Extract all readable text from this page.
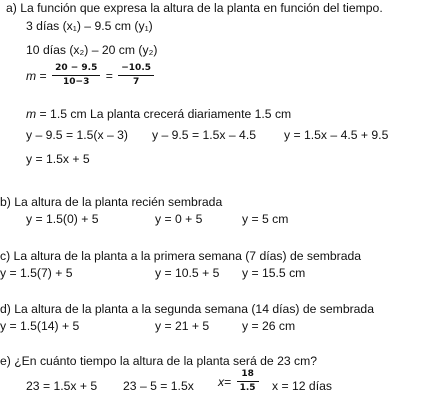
a) La función que expresa la altura de la planta en función del tiempo.
3 días (x₁) – 9.5 cm (y₁)
10 días (x₂) – 20 cm (y₂)
$m = \frac{20 - 9.5}{10-3} = \frac{-10.5}{7}$
m = 1.5 cm La planta crecerá diariamente 1.5 cm
y – 9.5 = 1.5(x – 3) y – 9.5 = 1.5x – 4.5 y = 1.5x – 4.5 + 9.5
y = 1.5x + 5
b) La altura de la planta recién sembrada
y = 1.5(0) + 5	y = 0 + 5	y = 5 cm
c) La altura de la planta a la primera semana (7 días) de sembrada
y = 1.5(7) + 5	y = 10.5 + 5 y = 15.5 cm
d) La altura de la planta a la segunda semana (14 días) de sembrada
y = 1.5(14) + 5	y = 21 + 5	y = 26 cm
e) ¿En cuánto tiempo la altura de la planta será de 23 cm?
23 = 1.5x + 5 23 – 5 = 1.5x $x= \frac{18}{1.5}$ x = 12 días
